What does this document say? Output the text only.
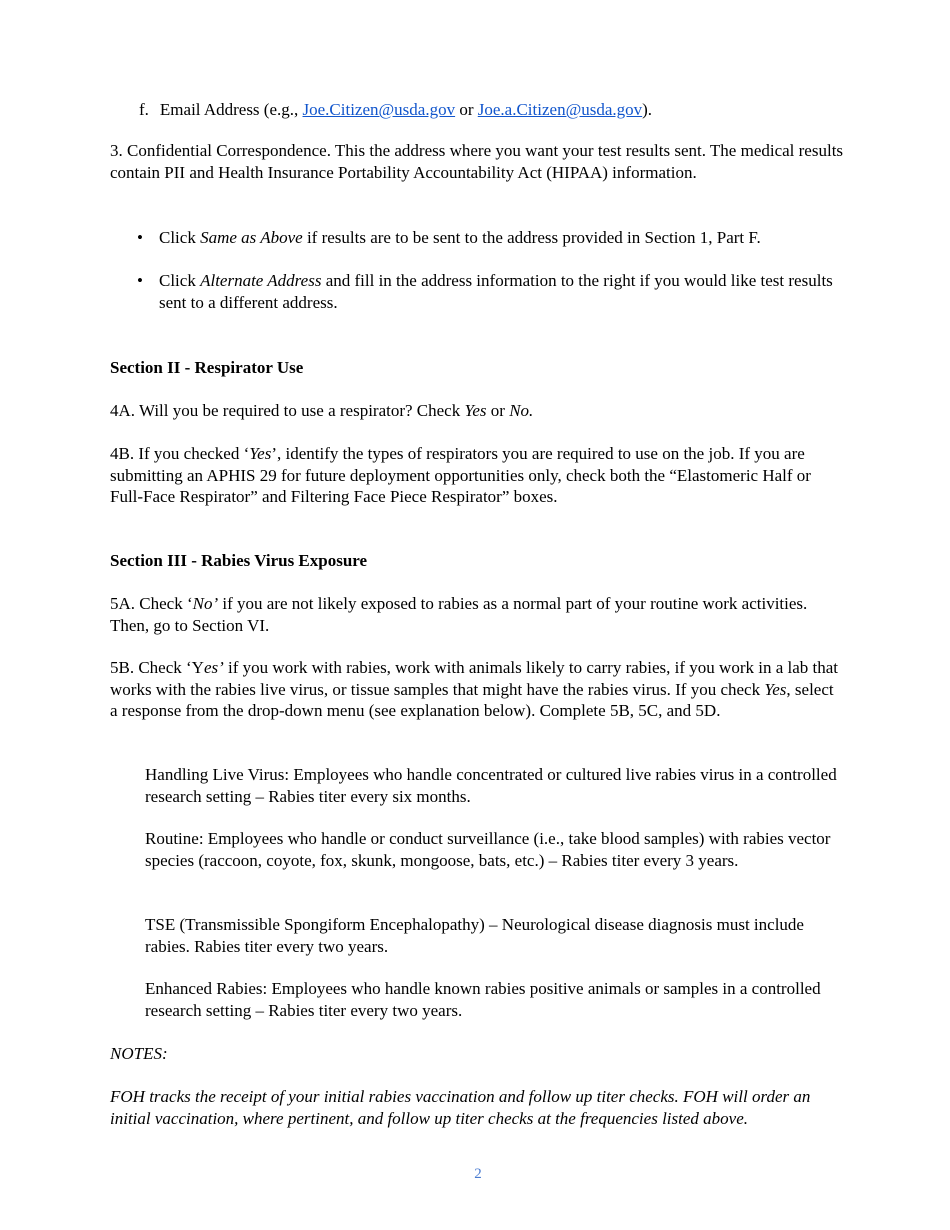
f. Email Address (e.g., Joe.Citizen@usda.gov or Joe.a.Citizen@usda.gov).

3. Confidential Correspondence. This the address where you want your test results sent. The medical results contain PII and Health Insurance Portability Accountability Act (HIPAA) information.

• Click Same as Above if results are to be sent to the address provided in Section 1, Part F.
• Click Alternate Address and fill in the address information to the right if you would like test results sent to a different address.

Section II - Respirator Use

4A. Will you be required to use a respirator? Check Yes or No.

4B. If you checked ‘Yes’, identify the types of respirators you are required to use on the job. If you are submitting an APHIS 29 for future deployment opportunities only, check both the “Elastomeric Half or Full-Face Respirator” and Filtering Face Piece Respirator” boxes.

Section III - Rabies Virus Exposure

5A. Check ‘No’ if you are not likely exposed to rabies as a normal part of your routine work activities. Then, go to Section VI.

5B. Check ‘Yes’ if you work with rabies, work with animals likely to carry rabies, if you work in a lab that works with the rabies live virus, or tissue samples that might have the rabies virus. If you check Yes, select a response from the drop-down menu (see explanation below). Complete 5B, 5C, and 5D.

Handling Live Virus: Employees who handle concentrated or cultured live rabies virus in a controlled research setting – Rabies titer every six months.

Routine: Employees who handle or conduct surveillance (i.e., take blood samples) with rabies vector species (raccoon, coyote, fox, skunk, mongoose, bats, etc.) – Rabies titer every 3 years.

TSE (Transmissible Spongiform Encephalopathy) – Neurological disease diagnosis must include rabies. Rabies titer every two years.

Enhanced Rabies: Employees who handle known rabies positive animals or samples in a controlled research setting – Rabies titer every two years.

NOTES:

FOH tracks the receipt of your initial rabies vaccination and follow up titer checks. FOH will order an initial vaccination, where pertinent, and follow up titer checks at the frequencies listed above.

2
